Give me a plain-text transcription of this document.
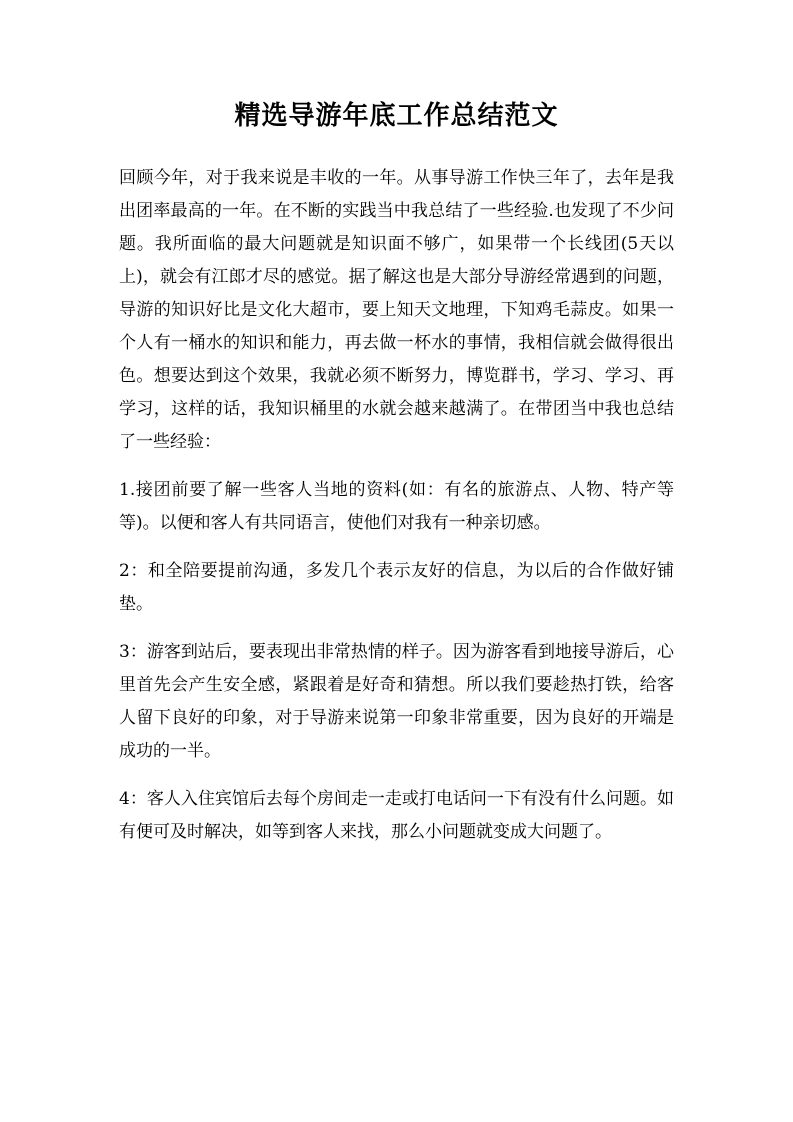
精选导游年底工作总结范文

回顾今年，对于我来说是丰收的一年。从事导游工作快三年了，去年是我出团率最高的一年。在不断的实践当中我总结了一些经验.也发现了不少问题。我所面临的最大问题就是知识面不够广，如果带一个长线团(5天以上)，就会有江郎才尽的感觉。据了解这也是大部分导游经常遇到的问题，导游的知识好比是文化大超市，要上知天文地理，下知鸡毛蒜皮。如果一个人有一桶水的知识和能力，再去做一杯水的事情，我相信就会做得很出色。想要达到这个效果，我就必须不断努力，博览群书，学习、学习、再学习，这样的话，我知识桶里的水就会越来越满了。在带团当中我也总结了一些经验：

1.接团前要了解一些客人当地的资料(如：有名的旅游点、人物、特产等等)。以便和客人有共同语言，使他们对我有一种亲切感。

2：和全陪要提前沟通，多发几个表示友好的信息，为以后的合作做好铺垫。

3：游客到站后，要表现出非常热情的样子。因为游客看到地接导游后，心里首先会产生安全感，紧跟着是好奇和猜想。所以我们要趁热打铁，给客人留下良好的印象，对于导游来说第一印象非常重要，因为良好的开端是成功的一半。

4：客人入住宾馆后去每个房间走一走或打电话问一下有没有什么问题。如有便可及时解决，如等到客人来找，那么小问题就变成大问题了。
